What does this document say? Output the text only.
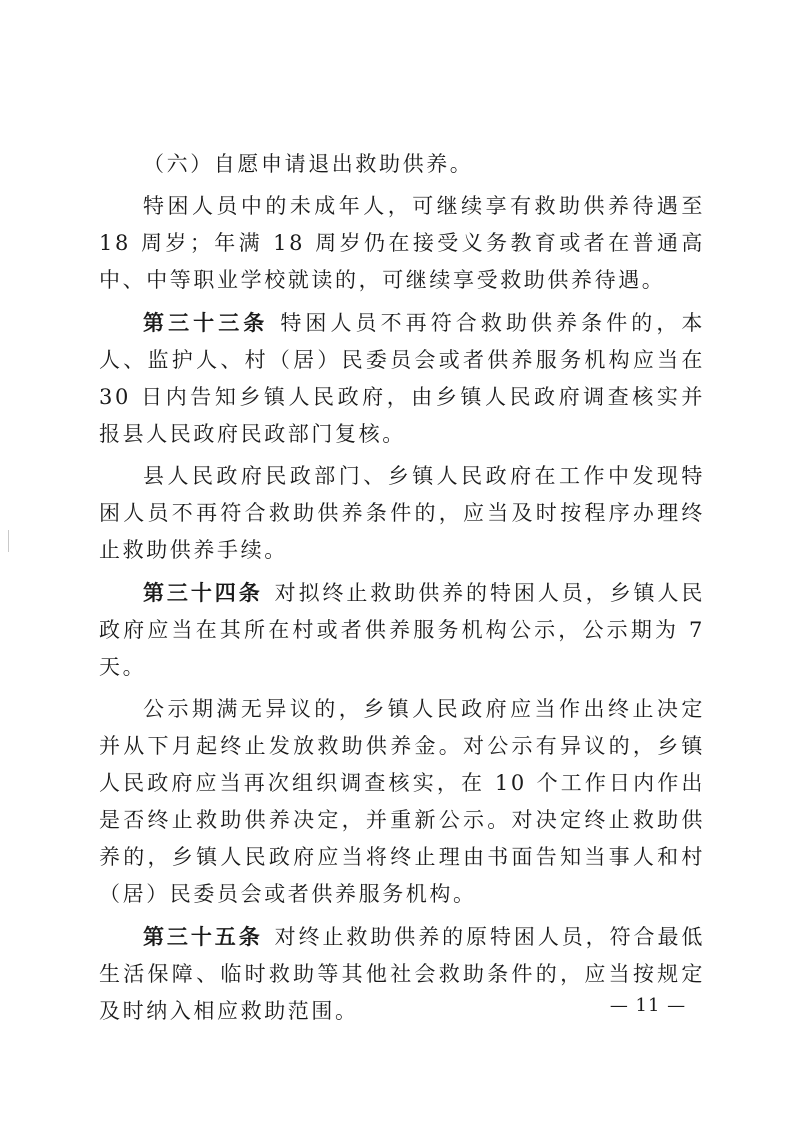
（六）自愿申请退出救助供养。

特困人员中的未成年人，可继续享有救助供养待遇至 18 周岁；年满 18 周岁仍在接受义务教育或者在普通高中、中等职业学校就读的，可继续享受救助供养待遇。

第三十三条 特困人员不再符合救助供养条件的，本人、监护人、村（居）民委员会或者供养服务机构应当在 30 日内告知乡镇人民政府，由乡镇人民政府调查核实并报县人民政府民政部门复核。

县人民政府民政部门、乡镇人民政府在工作中发现特困人员不再符合救助供养条件的，应当及时按程序办理终止救助供养手续。

第三十四条 对拟终止救助供养的特困人员，乡镇人民政府应当在其所在村或者供养服务机构公示，公示期为 7 天。

公示期满无异议的，乡镇人民政府应当作出终止决定并从下月起终止发放救助供养金。对公示有异议的，乡镇人民政府应当再次组织调查核实，在 10 个工作日内作出是否终止救助供养决定，并重新公示。对决定终止救助供养的，乡镇人民政府应当将终止理由书面告知当事人和村（居）民委员会或者供养服务机构。

第三十五条 对终止救助供养的原特困人员，符合最低生活保障、临时救助等其他社会救助条件的，应当按规定及时纳入相应救助范围。	— 11 —
